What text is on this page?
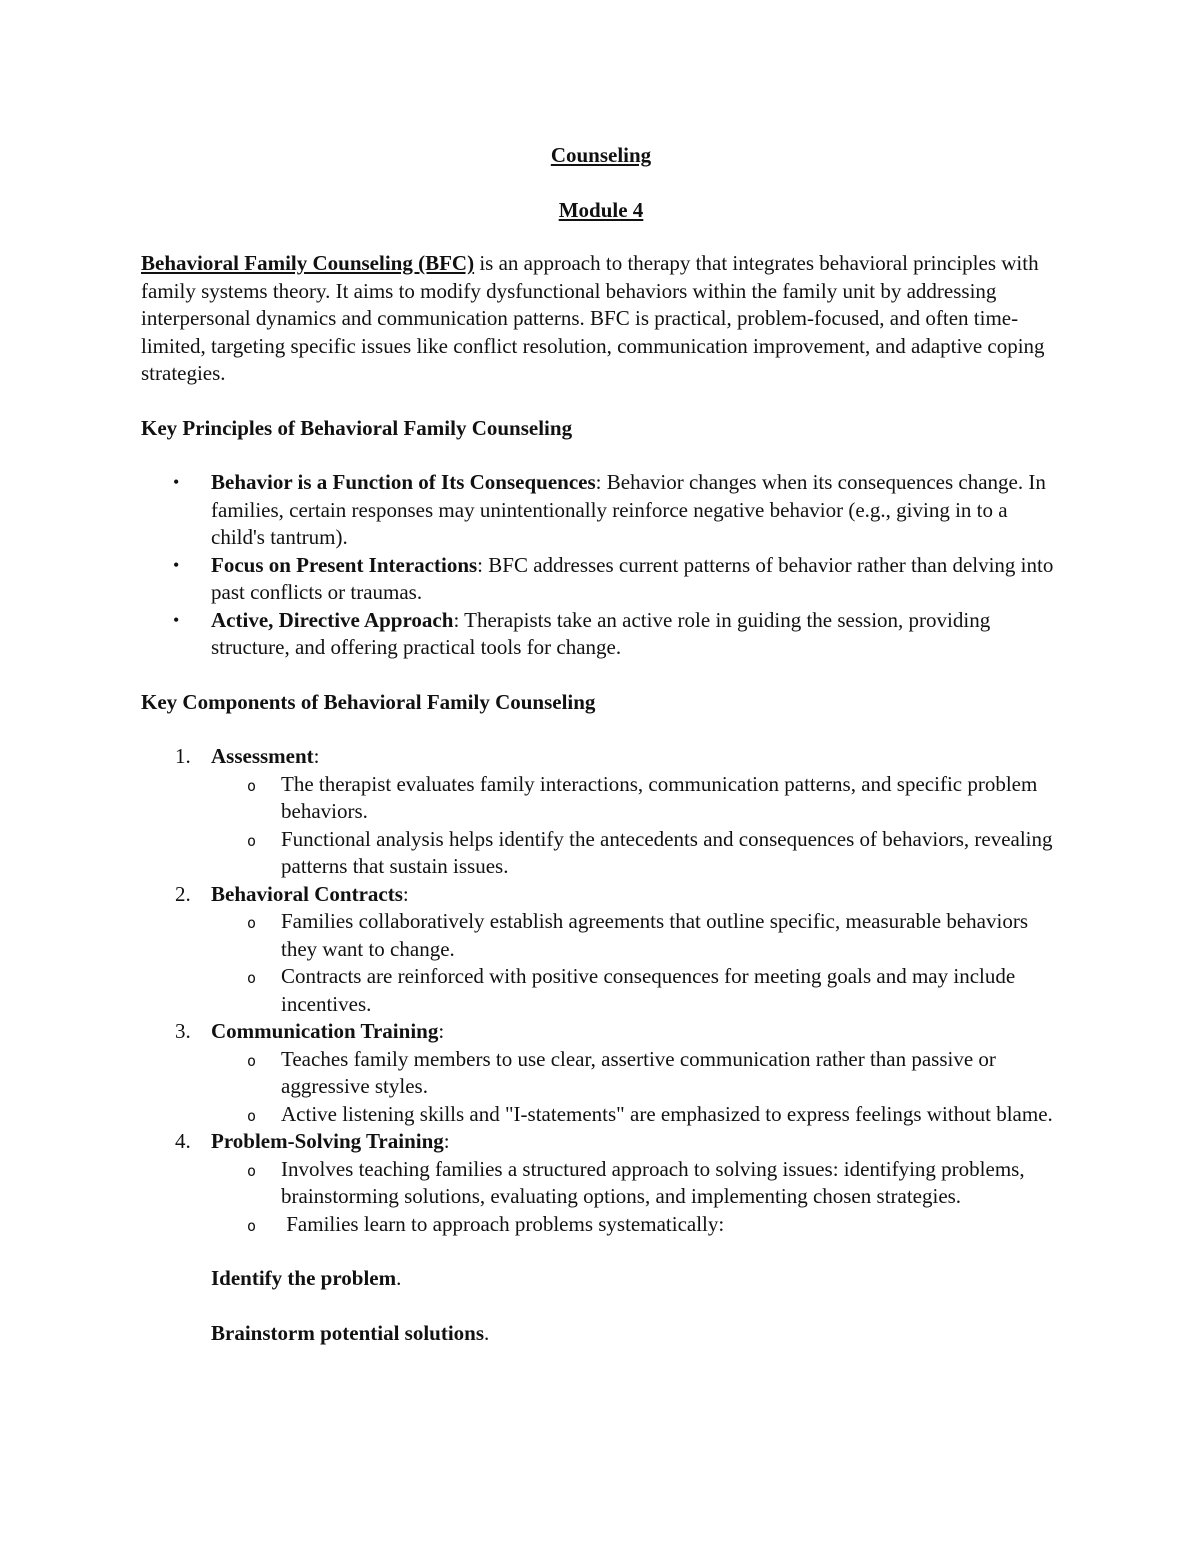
Counseling

Module 4

Behavioral Family Counseling (BFC) is an approach to therapy that integrates behavioral principles with family systems theory. It aims to modify dysfunctional behaviors within the family unit by addressing interpersonal dynamics and communication patterns. BFC is practical, problem-focused, and often time-limited, targeting specific issues like conflict resolution, communication improvement, and adaptive coping strategies.

Key Principles of Behavioral Family Counseling

• Behavior is a Function of Its Consequences: Behavior changes when its consequences change. In families, certain responses may unintentionally reinforce negative behavior (e.g., giving in to a child's tantrum).
• Focus on Present Interactions: BFC addresses current patterns of behavior rather than delving into past conflicts or traumas.
• Active, Directive Approach: Therapists take an active role in guiding the session, providing structure, and offering practical tools for change.

Key Components of Behavioral Family Counseling

1. Assessment:
o The therapist evaluates family interactions, communication patterns, and specific problem behaviors.
o Functional analysis helps identify the antecedents and consequences of behaviors, revealing patterns that sustain issues.
2. Behavioral Contracts:
o Families collaboratively establish agreements that outline specific, measurable behaviors they want to change.
o Contracts are reinforced with positive consequences for meeting goals and may include incentives.
3. Communication Training:
o Teaches family members to use clear, assertive communication rather than passive or aggressive styles.
o Active listening skills and "I-statements" are emphasized to express feelings without blame.
4. Problem-Solving Training:
o Involves teaching families a structured approach to solving issues: identifying problems, brainstorming solutions, evaluating options, and implementing chosen strategies.
o Families learn to approach problems systematically:

Identify the problem.

Brainstorm potential solutions.
